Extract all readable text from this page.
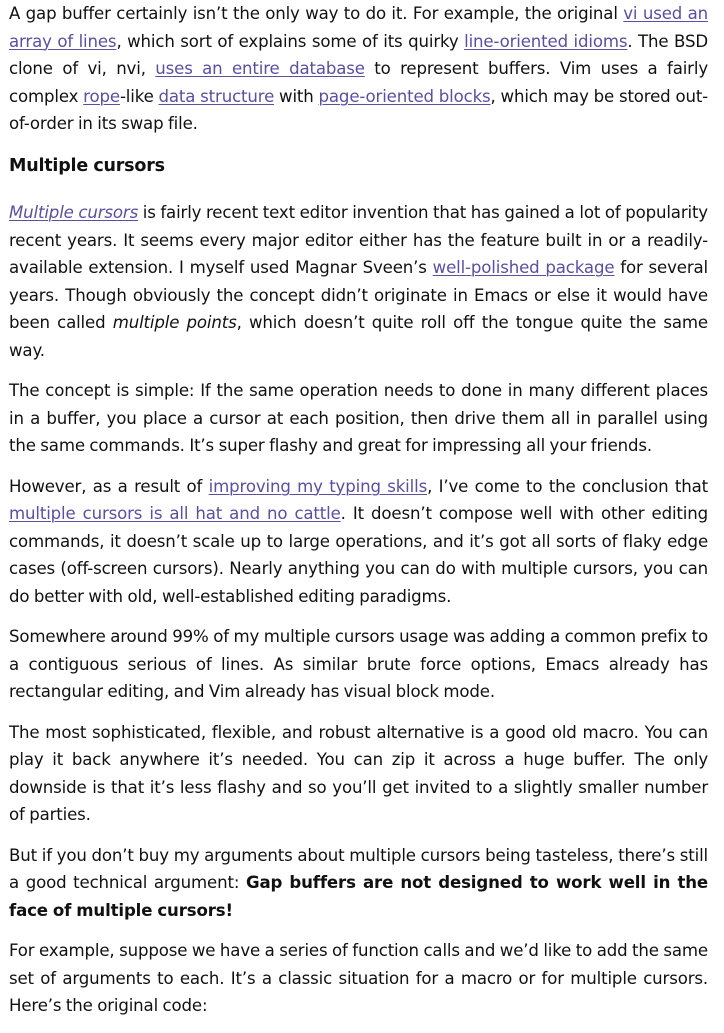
A gap buffer certainly isn’t the only way to do it. For example, the original vi used an array of lines, which sort of explains some of its quirky line-oriented idioms. The BSD clone of vi, nvi, uses an entire database to represent buffers. Vim uses a fairly complex rope-like data structure with page-oriented blocks, which may be stored out-of-order in its swap file.

Multiple cursors

Multiple cursors is fairly recent text editor invention that has gained a lot of popularity recent years. It seems every major editor either has the feature built in or a readily-available extension. I myself used Magnar Sveen’s well-polished package for several years. Though obviously the concept didn’t originate in Emacs or else it would have been called multiple points, which doesn’t quite roll off the tongue quite the same way.

The concept is simple: If the same operation needs to done in many different places in a buffer, you place a cursor at each position, then drive them all in parallel using the same commands. It’s super flashy and great for impressing all your friends.

However, as a result of improving my typing skills, I’ve come to the conclusion that multiple cursors is all hat and no cattle. It doesn’t compose well with other editing commands, it doesn’t scale up to large operations, and it’s got all sorts of flaky edge cases (off-screen cursors). Nearly anything you can do with multiple cursors, you can do better with old, well-established editing paradigms.

Somewhere around 99% of my multiple cursors usage was adding a common prefix to a contiguous serious of lines. As similar brute force options, Emacs already has rectangular editing, and Vim already has visual block mode.

The most sophisticated, flexible, and robust alternative is a good old macro. You can play it back anywhere it’s needed. You can zip it across a huge buffer. The only downside is that it’s less flashy and so you’ll get invited to a slightly smaller number of parties.

But if you don’t buy my arguments about multiple cursors being tasteless, there’s still a good technical argument: Gap buffers are not designed to work well in the face of multiple cursors!

For example, suppose we have a series of function calls and we’d like to add the same set of arguments to each. It’s a classic situation for a macro or for multiple cursors. Here’s the original code:
